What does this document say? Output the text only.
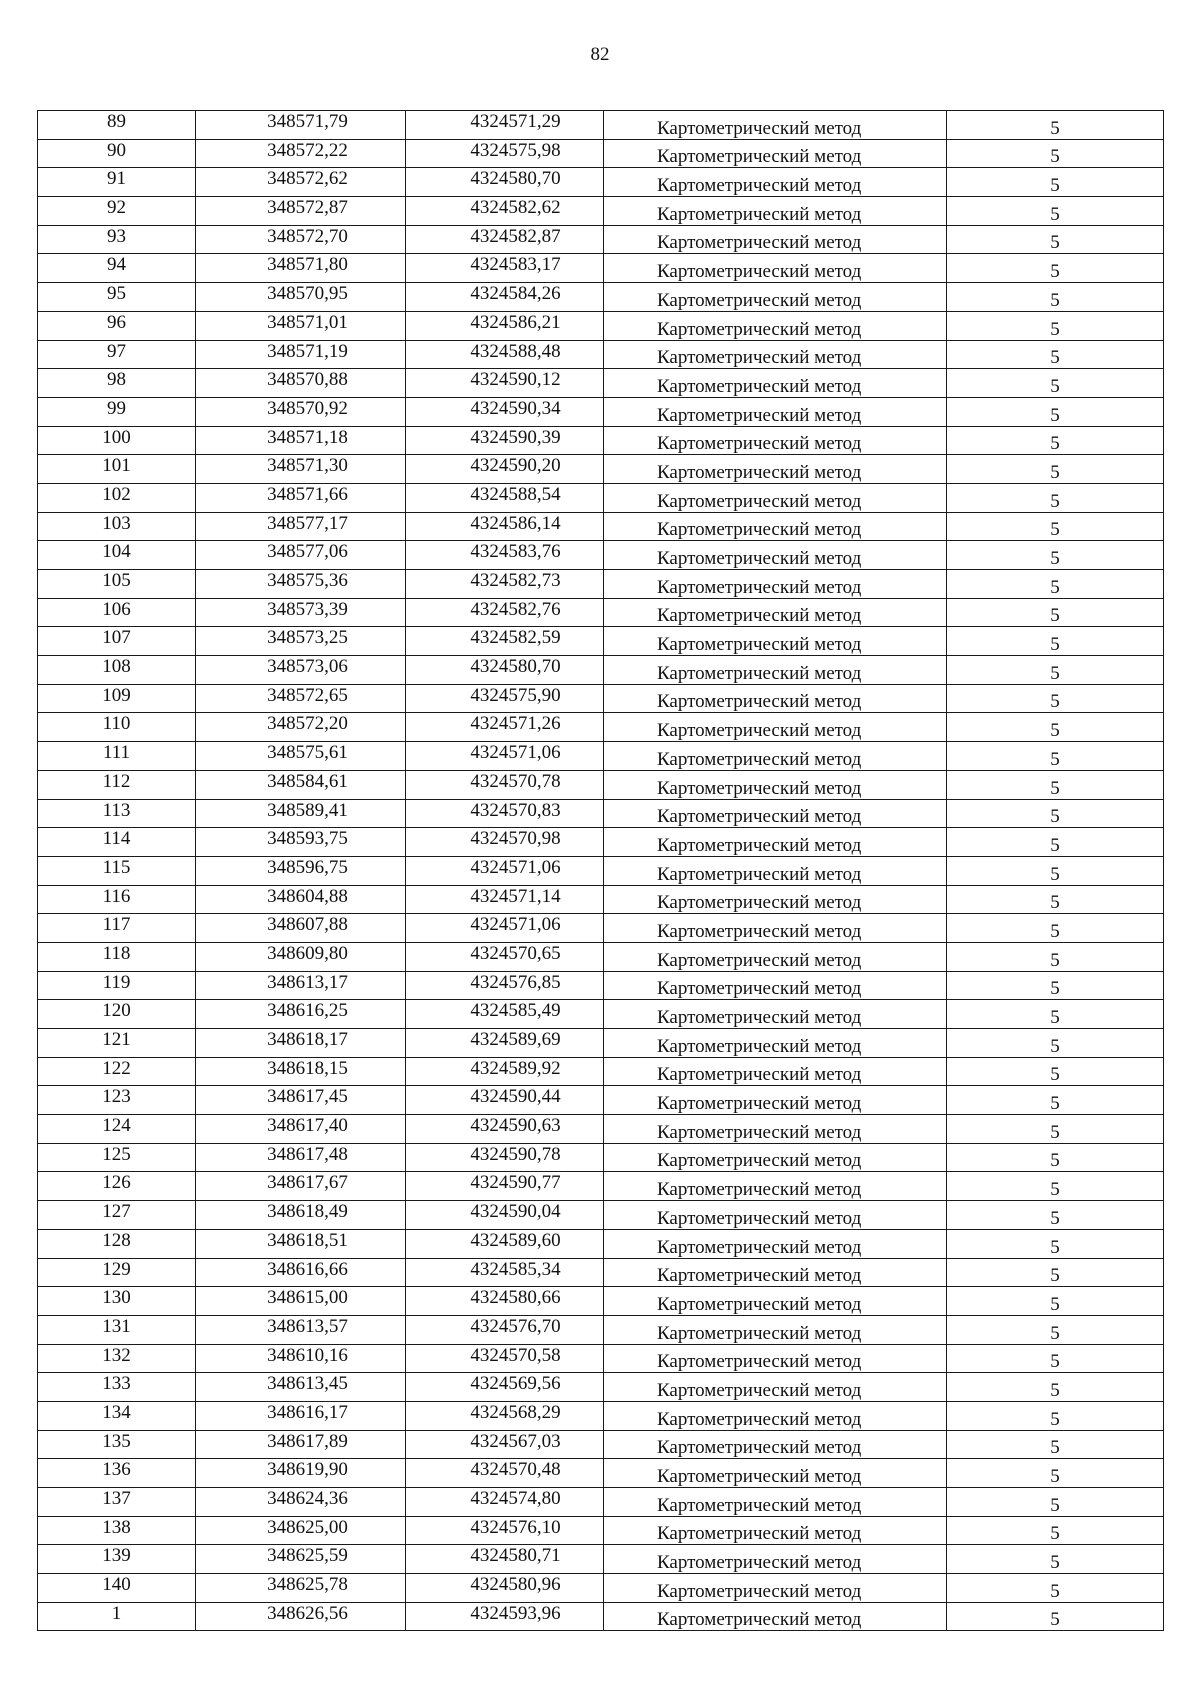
82
89	348571,79	4324571,29	Картометрический метод	5
90	348572,22	4324575,98	Картометрический метод	5
91	348572,62	4324580,70	Картометрический метод	5
92	348572,87	4324582,62	Картометрический метод	5
93	348572,70	4324582,87	Картометрический метод	5
94	348571,80	4324583,17	Картометрический метод	5
95	348570,95	4324584,26	Картометрический метод	5
96	348571,01	4324586,21	Картометрический метод	5
97	348571,19	4324588,48	Картометрический метод	5
98	348570,88	4324590,12	Картометрический метод	5
99	348570,92	4324590,34	Картометрический метод	5
100	348571,18	4324590,39	Картометрический метод	5
101	348571,30	4324590,20	Картометрический метод	5
102	348571,66	4324588,54	Картометрический метод	5
103	348577,17	4324586,14	Картометрический метод	5
104	348577,06	4324583,76	Картометрический метод	5
105	348575,36	4324582,73	Картометрический метод	5
106	348573,39	4324582,76	Картометрический метод	5
107	348573,25	4324582,59	Картометрический метод	5
108	348573,06	4324580,70	Картометрический метод	5
109	348572,65	4324575,90	Картометрический метод	5
110	348572,20	4324571,26	Картометрический метод	5
111	348575,61	4324571,06	Картометрический метод	5
112	348584,61	4324570,78	Картометрический метод	5
113	348589,41	4324570,83	Картометрический метод	5
114	348593,75	4324570,98	Картометрический метод	5
115	348596,75	4324571,06	Картометрический метод	5
116	348604,88	4324571,14	Картометрический метод	5
117	348607,88	4324571,06	Картометрический метод	5
118	348609,80	4324570,65	Картометрический метод	5
119	348613,17	4324576,85	Картометрический метод	5
120	348616,25	4324585,49	Картометрический метод	5
121	348618,17	4324589,69	Картометрический метод	5
122	348618,15	4324589,92	Картометрический метод	5
123	348617,45	4324590,44	Картометрический метод	5
124	348617,40	4324590,63	Картометрический метод	5
125	348617,48	4324590,78	Картометрический метод	5
126	348617,67	4324590,77	Картометрический метод	5
127	348618,49	4324590,04	Картометрический метод	5
128	348618,51	4324589,60	Картометрический метод	5
129	348616,66	4324585,34	Картометрический метод	5
130	348615,00	4324580,66	Картометрический метод	5
131	348613,57	4324576,70	Картометрический метод	5
132	348610,16	4324570,58	Картометрический метод	5
133	348613,45	4324569,56	Картометрический метод	5
134	348616,17	4324568,29	Картометрический метод	5
135	348617,89	4324567,03	Картометрический метод	5
136	348619,90	4324570,48	Картометрический метод	5
137	348624,36	4324574,80	Картометрический метод	5
138	348625,00	4324576,10	Картометрический метод	5
139	348625,59	4324580,71	Картометрический метод	5
140	348625,78	4324580,96	Картометрический метод	5
1	348626,56	4324593,96	Картометрический метод	5
